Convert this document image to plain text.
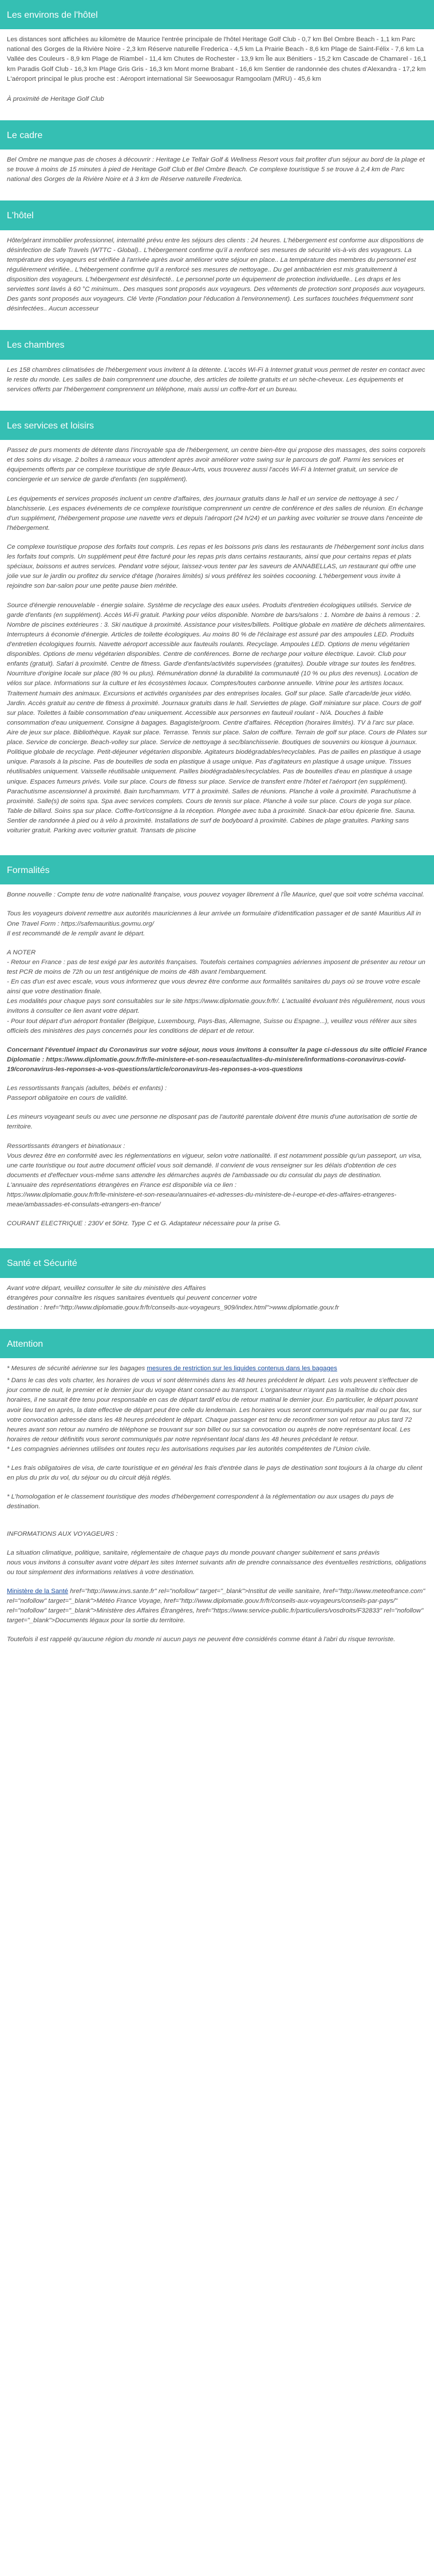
Les environs de l'hôtel

Les distances sont affichées au kilomètre de Maurice l'entrée principale de l'hôtel Heritage Golf Club - 0,7 km Bel Ombre Beach - 1,1 km Parc national des Gorges de la Rivière Noire - 2,3 km Réserve naturelle Frederica - 4,5 km La Prairie Beach - 8,6 km Plage de Saint-Félix - 7,6 km La Vallée des Couleurs - 8,9 km Plage de Riambel - 11,4 km Chutes de Rochester - 13,9 km Île aux Bénitiers - 15,2 km Cascade de Chamarel - 16,1 km Paradis Golf Club - 16,3 km Plage Gris Gris - 16,3 km Mont morne Brabant - 16,6 km Sentier de randonnée des chutes d'Alexandra - 17,2 km L'aéroport principal le plus proche est : Aéroport international Sir Seewoosagur Ramgoolam (MRU) - 45,6 km

À proximité de Heritage Golf Club

Le cadre

Bel Ombre ne manque pas de choses à découvrir : Heritage Le Telfair Golf & Wellness Resort vous fait profiter d'un séjour au bord de la plage et se trouve à moins de 15 minutes à pied de Heritage Golf Club et Bel Ombre Beach. Ce complexe touristique 5 se trouve à 2,4 km de Parc national des Gorges de la Rivière Noire et à 3 km de Réserve naturelle Frederica.

L'hôtel

Hôte/gérant immobilier professionnel, internalité prévu entre les séjours des clients : 24 heures. L'hébergement est conforme aux dispositions de désinfection de Safe Travels (WTTC - Global).. L'hébergement confirme qu'il a renforcé ses mesures de sécurité vis-à-vis des voyageurs. La température des voyageurs est vérifiée à l'arrivée après avoir améliorer votre séjour en place.. La température des membres du personnel est régulièrement vérifiée.. L'hébergement confirme qu'il a renforcé ses mesures de nettoyage.. Du gel antibactérien est mis gratuitement à disposition des voyageurs. L'hébergement est désinfecté.. Le personnel porte un équipement de protection individuelle.. Les draps et les serviettes sont lavés à 60 °C minimum.. Des masques sont proposés aux voyageurs. Des vêtements de protection sont proposés aux voyageurs. Des gants sont proposés aux voyageurs. Clé Verte (Fondation pour l'éducation à l'environnement). Les surfaces touchées fréquemment sont désinfectées.. Aucun accesseur

Les chambres

Les 158 chambres climatisées de l'hébergement vous invitent à la détente. L'accès Wi-Fi à Internet gratuit vous permet de rester en contact avec le reste du monde. Les salles de bain comprennent une douche, des articles de toilette gratuits et un sèche-cheveux. Les équipements et services offerts par l'hébergement comprennent un téléphone, mais aussi un coffre-fort et un bureau.

Les services et loisirs

Passez de purs moments de détente dans l'incroyable spa de l'hébergement, un centre bien-être qui propose des massages, des soins corporels et des soins du visage. 2 boîtes à rameaux vous attendent après avoir améliorer votre swing sur le parcours de golf. Parmi les services et équipements offerts par ce complexe touristique de style Beaux-Arts, vous trouverez aussi l'accès Wi-Fi à Internet gratuit, un service de conciergerie et un service de garde d'enfants (en supplément).

Les équipements et services proposés incluent un centre d'affaires, des journaux gratuits dans le hall et un service de nettoyage à sec / blanchisserie. Les espaces événements de ce complexe touristique comprennent un centre de conférence et des salles de réunion. En échange d'un supplément, l'hébergement propose une navette vers et depuis l'aéroport (24 h/24) et un parking avec voiturier se trouve dans l'enceinte de l'hébergement.

Ce complexe touristique propose des forfaits tout compris. Les repas et les boissons pris dans les restaurants de l'hébergement sont inclus dans les forfaits tout compris. Un supplément peut être facturé pour les repas pris dans certains restaurants, ainsi que pour certains repas et plats spéciaux, boissons et autres services. Pendant votre séjour, laissez-vous tenter par les saveurs de ANNABELLAS, un restaurant qui offre une jolie vue sur le jardin ou profitez du service d'étage (horaires limités) si vous préférez les soirées cocooning. L'hébergement vous invite à rejoindre son bar-salon pour une petite pause bien méritée.

Source d'énergie renouvelable - énergie solaire. Système de recyclage des eaux usées. Produits d'entretien écologiques utilisés. Service de garde d'enfants (en supplément). Accès Wi-Fi gratuit. Parking pour vélos disponible. Nombre de bars/salons : 1. Nombre de bains à remous : 2. Nombre de piscines extérieures : 3. Ski nautique à proximité. Assistance pour visites/billets. Politique globale en matière de déchets alimentaires. Interrupteurs à économie d'énergie. Articles de toilette écologiques. Au moins 80 % de l'éclairage est assuré par des ampoules LED. Produits d'entretien écologiques fournis. Navette aéroport accessible aux fauteuils roulants. Recyclage. Ampoules LED. Options de menu végétarien disponibles. Options de menu végétarien disponibles. Centre de conférences. Borne de recharge pour voiture électrique. Lavoir. Club pour enfants (gratuit). Safari à proximité. Centre de fitness. Garde d'enfants/activités supervisées (gratuites). Double vitrage sur toutes les fenêtres. Nourriture d'origine locale sur place (80 % ou plus). Rémunération donné la durabilité la communauté (10 % ou plus des revenus). Location de vélos sur place. Informations sur la culture et les écosystèmes locaux. Comptes/toutes carbonne annuelle. Vitrine pour les artistes locaux. Traitement humain des animaux. Excursions et activités organisées par des entreprises locales. Golf sur place. Salle d'arcade/de jeux vidéo. Jardin. Accès gratuit au centre de fitness à proximité. Journaux gratuits dans le hall. Serviettes de plage. Golf miniature sur place. Cours de golf sur place. Toilettes à faible consommation d'eau uniquement. Accessible aux personnes en fauteuil roulant - N/A. Douches à faible consommation d'eau uniquement. Consigne à bagages. Bagagiste/groom. Centre d'affaires. Réception (horaires limités). TV à l'arc sur place. Aire de jeux sur place. Bibliothèque. Kayak sur place. Terrasse. Tennis sur place. Salon de coiffure. Terrain de golf sur place. Cours de Pilates sur place. Service de concierge. Beach-volley sur place. Service de nettoyage à sec/blanchisserie. Boutiques de souvenirs ou kiosque à journaux. Politique globale de recyclage. Petit-déjeuner végétarien disponible. Agitateurs biodégradables/recyclables. Pas de pailles en plastique à usage unique. Parasols à la piscine. Pas de bouteilles de soda en plastique à usage unique. Pas d'agitateurs en plastique à usage unique. Tissues réutilisables uniquement. Vaisselle réutilisable uniquement. Pailles biodégradables/recyclables. Pas de bouteilles d'eau en plastique à usage unique. Espaces fumeurs privés. Voile sur place. Cours de fitness sur place. Service de transfert entre l'hôtel et l'aéroport (en supplément). Parachutisme ascensionnel à proximité. Bain turc/hammam. VTT à proximité. Salles de réunions. Planche à voile à proximité. Parachutisme à proximité. Salle(s) de soins spa. Spa avec services complets. Cours de tennis sur place. Planche à voile sur place. Cours de yoga sur place. Table de billard. Soins spa sur place. Coffre-fort/consigne à la réception. Plongée avec tuba à proximité. Snack-bar et/ou épicerie fine. Sauna. Sentier de randonnée à pied ou à vélo à proximité. Installations de surf de bodyboard à proximité. Cabines de plage gratuites. Parking sans voiturier gratuit. Parking avec voiturier gratuit. Transats de piscine

Formalités

Bonne nouvelle : Compte tenu de votre nationalité française, vous pouvez voyager librement à l'Île Maurice, quel que soit votre schéma vaccinal.

Tous les voyageurs doivent remettre aux autorités mauriciennes à leur arrivée un formulaire d'identification passager et de santé Mauritius All in One Travel Form : https://safemauritius.govmu.org/
Il est recommandé de le remplir avant le départ.

A NOTER
- Retour en France : pas de test exigé par les autorités françaises. Toutefois certaines compagnies aériennes imposent de présenter au retour un test PCR de moins de 72h ou un test antigénique de moins de 48h avant l'embarquement.
- En cas d'un est avec escale, vous vous informerez que vous devrez être conforme aux formalités sanitaires du pays où se trouve votre escale ainsi que votre destination finale.
Les modalités pour chaque pays sont consultables sur le site https://www.diplomatie.gouv.fr/fr/. L'actualité évoluant très régulièrement, nous vous invitons à consulter ce lien avant votre départ.
- Pour tout départ d'un aéroport frontalier (Belgique, Luxembourg, Pays-Bas, Allemagne, Suisse ou Espagne...), veuillez vous référer aux sites officiels des ministères des pays concernés pour les conditions de départ et de retour.

Concernant l'éventuel impact du Coronavirus sur votre séjour, nous vous invitons à consulter la page ci-dessous du site officiel France Diplomatie : https://www.diplomatie.gouv.fr/fr/le-ministere-et-son-reseau/actualites-du-ministere/informations-coronavirus-covid-19/coronavirus-les-reponses-a-vos-questions/article/coronavirus-les-reponses-a-vos-questions

Les ressortissants français (adultes, bébés et enfants) :
Passeport obligatoire en cours de validité.

Les mineurs voyageant seuls ou avec une personne ne disposant pas de l'autorité parentale doivent être munis d'une autorisation de sortie de territoire.

Ressortissants étrangers et binationaux :
Vous devrez être en conformité avec les réglementations en vigueur, selon votre nationalité. Il est notamment possible qu'un passeport, un visa, une carte touristique ou tout autre document officiel vous soit demandé. Il convient de vous renseigner sur les délais d'obtention de ces documents et d'effectuer vous-même sans attendre les démarches auprès de l'ambassade ou du consulat du pays de destination.
L'annuaire des représentations étrangères en France est disponible via ce lien :
https://www.diplomatie.gouv.fr/fr/le-ministere-et-son-reseau/annuaires-et-adresses-du-ministere-de-l-europe-et-des-affaires-etrangeres-meae/ambassades-et-consulats-etrangers-en-france/

COURANT ELECTRIQUE : 230V et 50Hz. Type C et G. Adaptateur nécessaire pour la prise G.

Santé et Sécurité

Avant votre départ, veuillez consulter le site du ministère des Affaires
étrangères pour connaître les risques sanitaires éventuels qui peuvent concerner votre
destination : href="http://www.diplomatie.gouv.fr/fr/conseils-aux-voyageurs_909/index.html">www.diplomatie.gouv.fr

Attention

* Mesures de sécurité aérienne sur les bagages mesures de restriction sur les liquides contenus dans les bagages

* Dans le cas des vols charter, les horaires de vous vi sont déterminés dans les 48 heures précédent le départ. Les vols peuvent s'effectuer de jour comme de nuit, le premier et le dernier jour du voyage étant consacré au transport. L'organisateur n'ayant pas la maîtrise du choix des horaires, il ne saurait être tenu pour responsable en cas de départ tardif et/ou de retour matinal le dernier jour. En particulier, le départ pouvant avoir lieu tard en après, la date effective de départ peut être celle du lendemain. Les horaires vous seront communiqués par mail ou par fax, sur votre convocation adressée dans les 48 heures précédent le départ. Chaque passager est tenu de reconfirmer son vol retour au plus tard 72 heures avant son retour au numéro de téléphone se trouvant sur son billet ou sur sa convocation ou auprès de notre représentant local. Les horaires de retour définitifs vous seront communiqués par notre représentant local dans les 48 heures précédant le retour.
* Les compagnies aériennes utilisées ont toutes reçu les autorisations requises par les autorités compétentes de l'Union civile.

* Les frais obligatoires de visa, de carte touristique et en général les frais d'entrée dans le pays de destination sont toujours à la charge du client en plus du prix du vol, du séjour ou du circuit déjà réglés.

* L'homologation et le classement touristique des modes d'hébergement correspondent à la réglementation ou aux usages du pays de destination.

INFORMATIONS AUX VOYAGEURS :

La situation climatique, politique, sanitaire, réglementaire de chaque pays du monde pouvant changer subitement et sans préavis
nous vous invitons à consulter avant votre départ les sites Internet suivants afin de prendre connaissance des éventuelles restrictions, obligations ou tout simplement des informations relatives à votre destination.

Ministère de la Santé href="http://www.invs.sante.fr" rel="nofollow" target="_blank">Institut de veille sanitaire, href="http://www.meteofrance.com" rel="nofollow" target="_blank">Météo France Voyage, href="http://www.diplomatie.gouv.fr/fr/conseils-aux-voyageurs/conseils-par-pays/" rel="nofollow" target="_blank">Ministère des Affaires Étrangères, href="https://www.service-public.fr/particuliers/vosdroits/F32833" rel="nofollow" target="_blank">Documents légaux pour la sortie du territoire.

Toutefois il est rappelé qu'aucune région du monde ni aucun pays ne peuvent être considérés comme étant à l'abri du risque terroriste.
